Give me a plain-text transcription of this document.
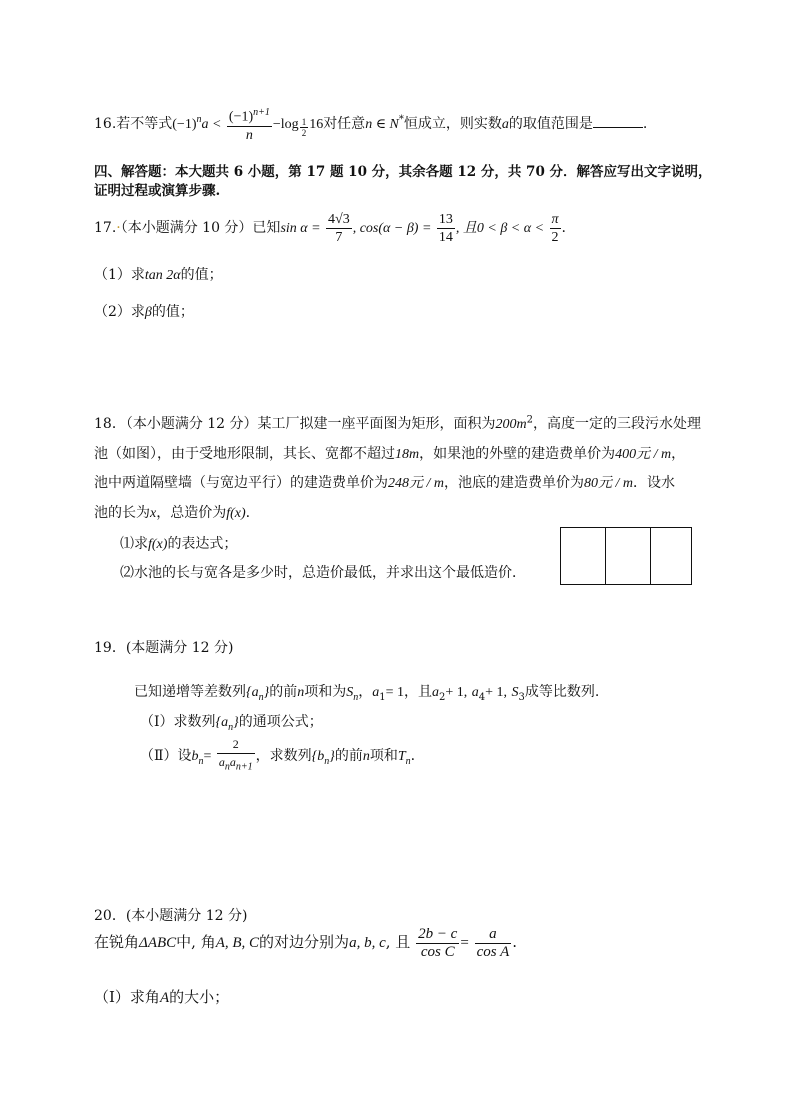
16.若不等式$(-1)^na < \frac{(-1)^{n+1}}{n} -\log \frac{1}{2} 16$对任意n ∈ N*恒成立，则实数a的取值范围是	.
四、解答题：本大题共 6 小题，第 17 题 10 分，其余各题 12 分，共 70 分．解答应写出文字说明，
证明过程或演算步骤.
17.·（本小题满分 10 分）已知$\sin \alpha = \frac{4√3}{7}$ , $\cos(\alpha - \beta) = \frac{13}{14}$ , 且$0 < \beta < \alpha < \frac{\pi}{2}$ .
（1）求tan 2α的值；
（2）求β的值；
18．（本小题满分 12 分）某工厂拟建一座平面图为矩形，面积为$200m^2$，高度一定的三段污水处理
池（如图），由于受地形限制，其长、宽都不超过18m，如果池的外壁的建造费单价为400元 / m，
池中两道隔壁墙（与宽边平行）的建造费单价为248元 / m，池底的建造费单价为80元 / m．设水
池的长为x，总造价为f(x).
⑴求f(x)的表达式；
⑵水池的长与宽各是多少时，总造价最低，并求出这个最低造价．
19．(本题满分 12 分)
已知递增等差数列$\{a_n\}$的前n项和为$S_n$，$a_1= 1$，且$a_2+ 1$, $a_4+ 1$, $S_3$成等比数列.
（Ⅰ）求数列$\{a_n\}$的通项公式；
（Ⅱ）设$b_n= \frac{2}{a_na_{n+1}}$ ，求数列$\{b_n\}$的前n项和$T_n$.
20．(本小题满分 12 分)
在锐角ΔABC中, 角A, B, C的对边分别为a, b, c, 且 $\frac{2b - c}{\text{cos C}} = \frac{a}{\text{cos A}}$ .
（Ⅰ）求角A的大小；
